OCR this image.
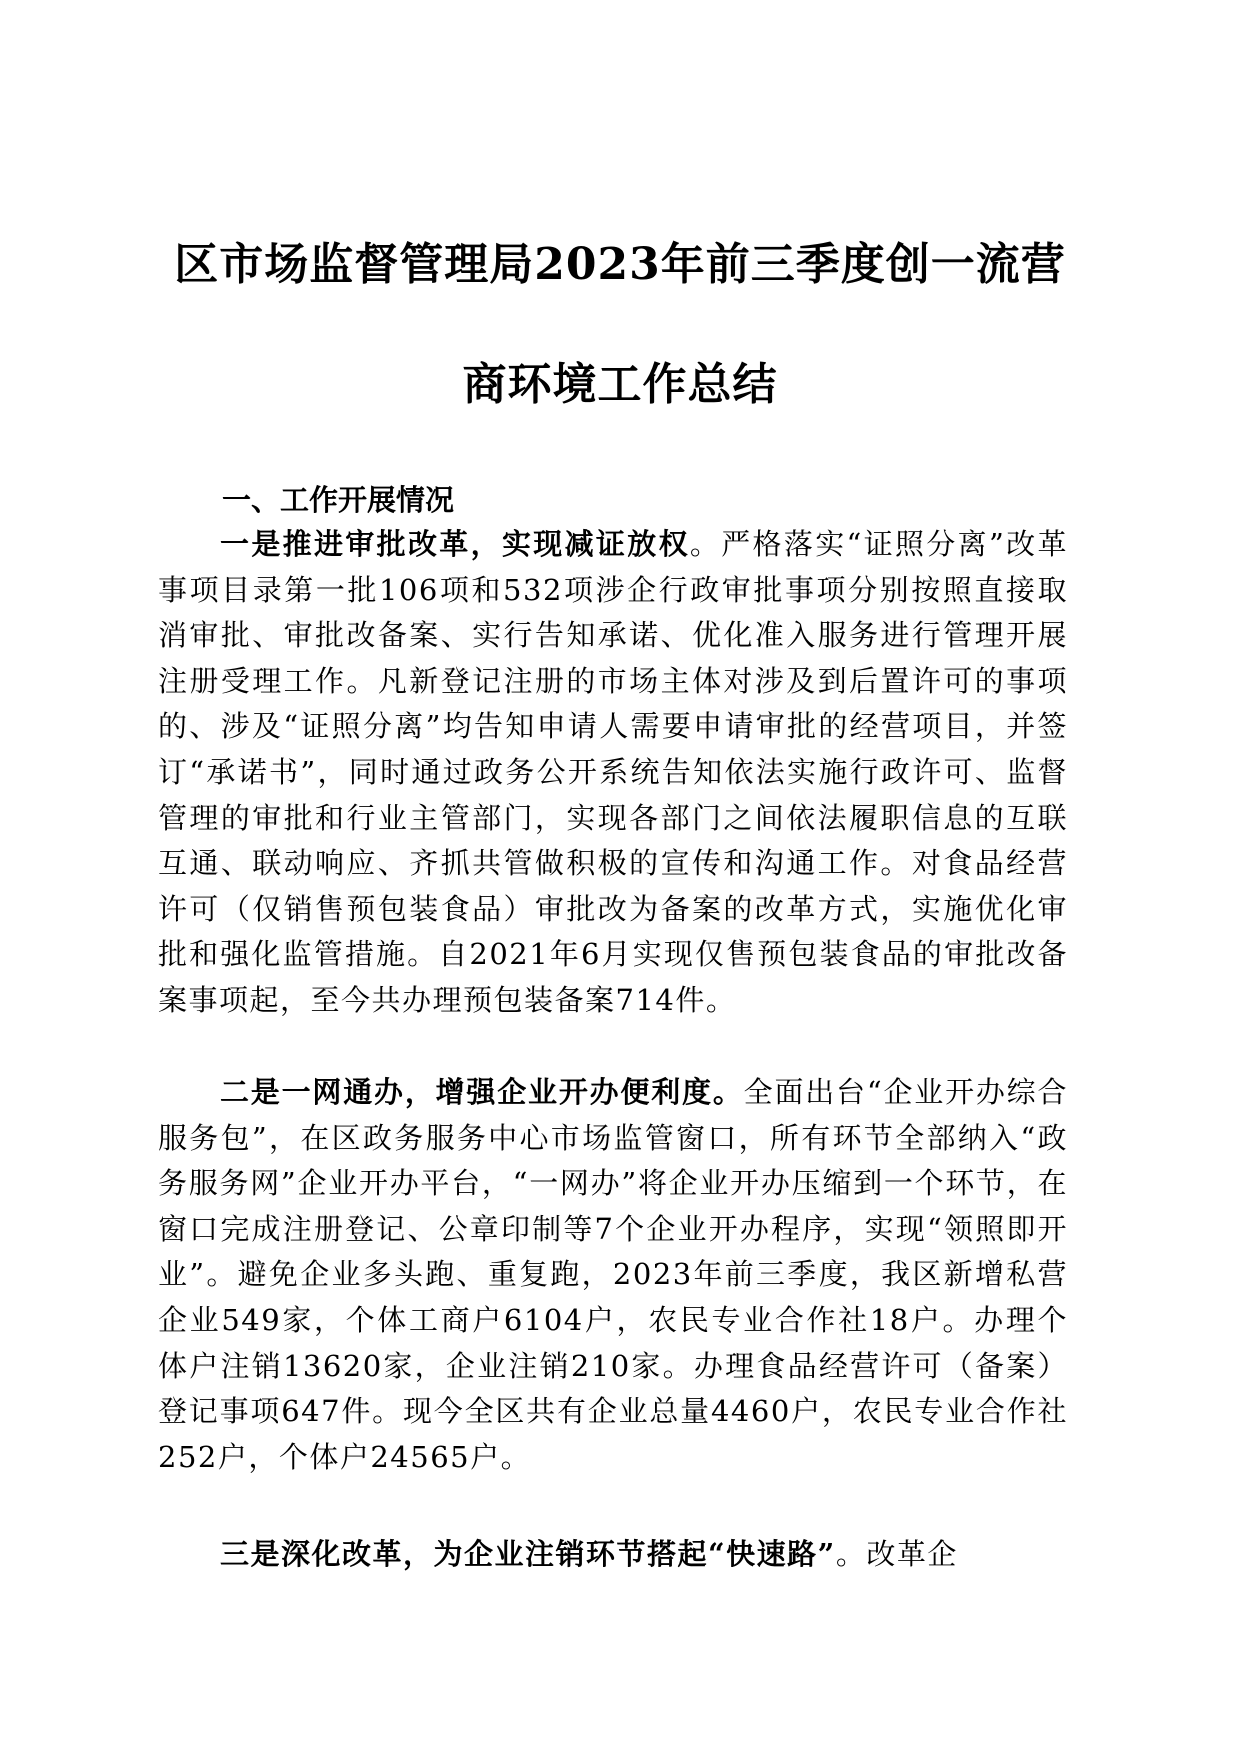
区市场监督管理局2023年前三季度创一流营
商环境工作总结
一、工作开展情况

一是推进审批改革，实现减证放权。严格落实“证照分离”改革事项目录第一批106项和532项涉企行政审批事项分别按照直接取消审批、审批改备案、实行告知承诺、优化准入服务进行管理开展注册受理工作。凡新登记注册的市场主体对涉及到后置许可的事项的、涉及“证照分离”均告知申请人需要申请审批的经营项目，并签订“承诺书”，同时通过政务公开系统告知依法实施行政许可、监督管理的审批和行业主管部门，实现各部门之间依法履职信息的互联互通、联动响应、齐抓共管做积极的宣传和沟通工作。对食品经营许可（仅销售预包装食品）审批改为备案的改革方式，实施优化审批和强化监管措施。自2021年6月实现仅售预包装食品的审批改备案事项起，至今共办理预包装备案714件。

二是一网通办，增强企业开办便利度。全面出台“企业开办综合服务包”，在区政务服务中心市场监管窗口，所有环节全部纳入“政务服务网”企业开办平台，“一网办”将企业开办压缩到一个环节，在窗口完成注册登记、公章印制等7个企业开办程序，实现“领照即开业”。避免企业多头跑、重复跑，2023年前三季度，我区新增私营企业549家，个体工商户6104户，农民专业合作社18户。办理个体户注销13620家，企业注销210家。办理食品经营许可（备案）登记事项647件。现今全区共有企业总量4460户，农民专业合作社252户，个体户24565户。

三是深化改革，为企业注销环节搭起“快速路”。改革企
